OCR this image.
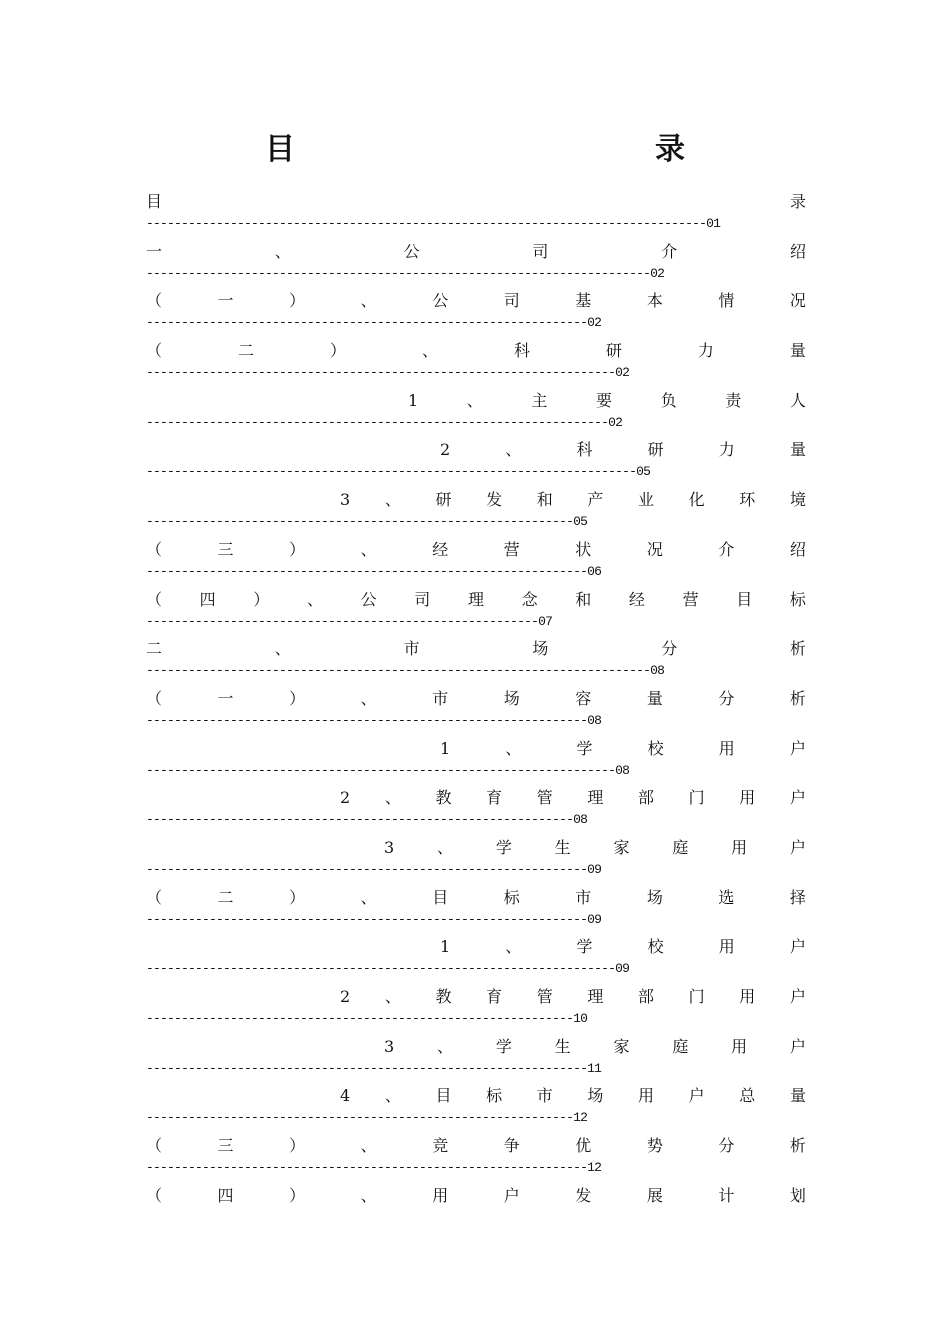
目　　录
目	录
--------------------------------------------------------------------------------01
一	、	公	司	介	绍
------------------------------------------------------------------------02
（	一	）	、	公	司	基	本	情	况
---------------------------------------------------------------02
（	二	）	、	科	研	力	量
-------------------------------------------------------------------02
1	、	主	要	负	责	人
------------------------------------------------------------------02
2	、	科	研	力	量
----------------------------------------------------------------------05
3 、 研 发 和 产 业 化 环 境
-------------------------------------------------------------05
（	三	）	、	经	营	状	况	介	绍
---------------------------------------------------------------06
（ 四 ） 、 公 司 理 念 和 经 营 目 标
--------------------------------------------------------07
二	、	市	场	分	析
------------------------------------------------------------------------08
（	一	）	、	市	场	容	量	分	析
---------------------------------------------------------------08
1	、	学	校	用	户
-------------------------------------------------------------------08
2 、 教 育 管 理 部 门 用 户
-------------------------------------------------------------08
3	、	学	生	家	庭	用	户
---------------------------------------------------------------09
（	二	）	、	目	标	市	场	选	择
---------------------------------------------------------------09
1	、	学	校	用	户
-------------------------------------------------------------------09
2 、 教 育 管 理 部 门 用 户
-------------------------------------------------------------10
3	、	学	生	家	庭	用	户
---------------------------------------------------------------11
4 、 目 标 市 场 用 户 总 量
-------------------------------------------------------------12
（	三	）	、	竞	争	优	势	分	析
---------------------------------------------------------------12
（	四	）	、	用	户	发	展	计	划
